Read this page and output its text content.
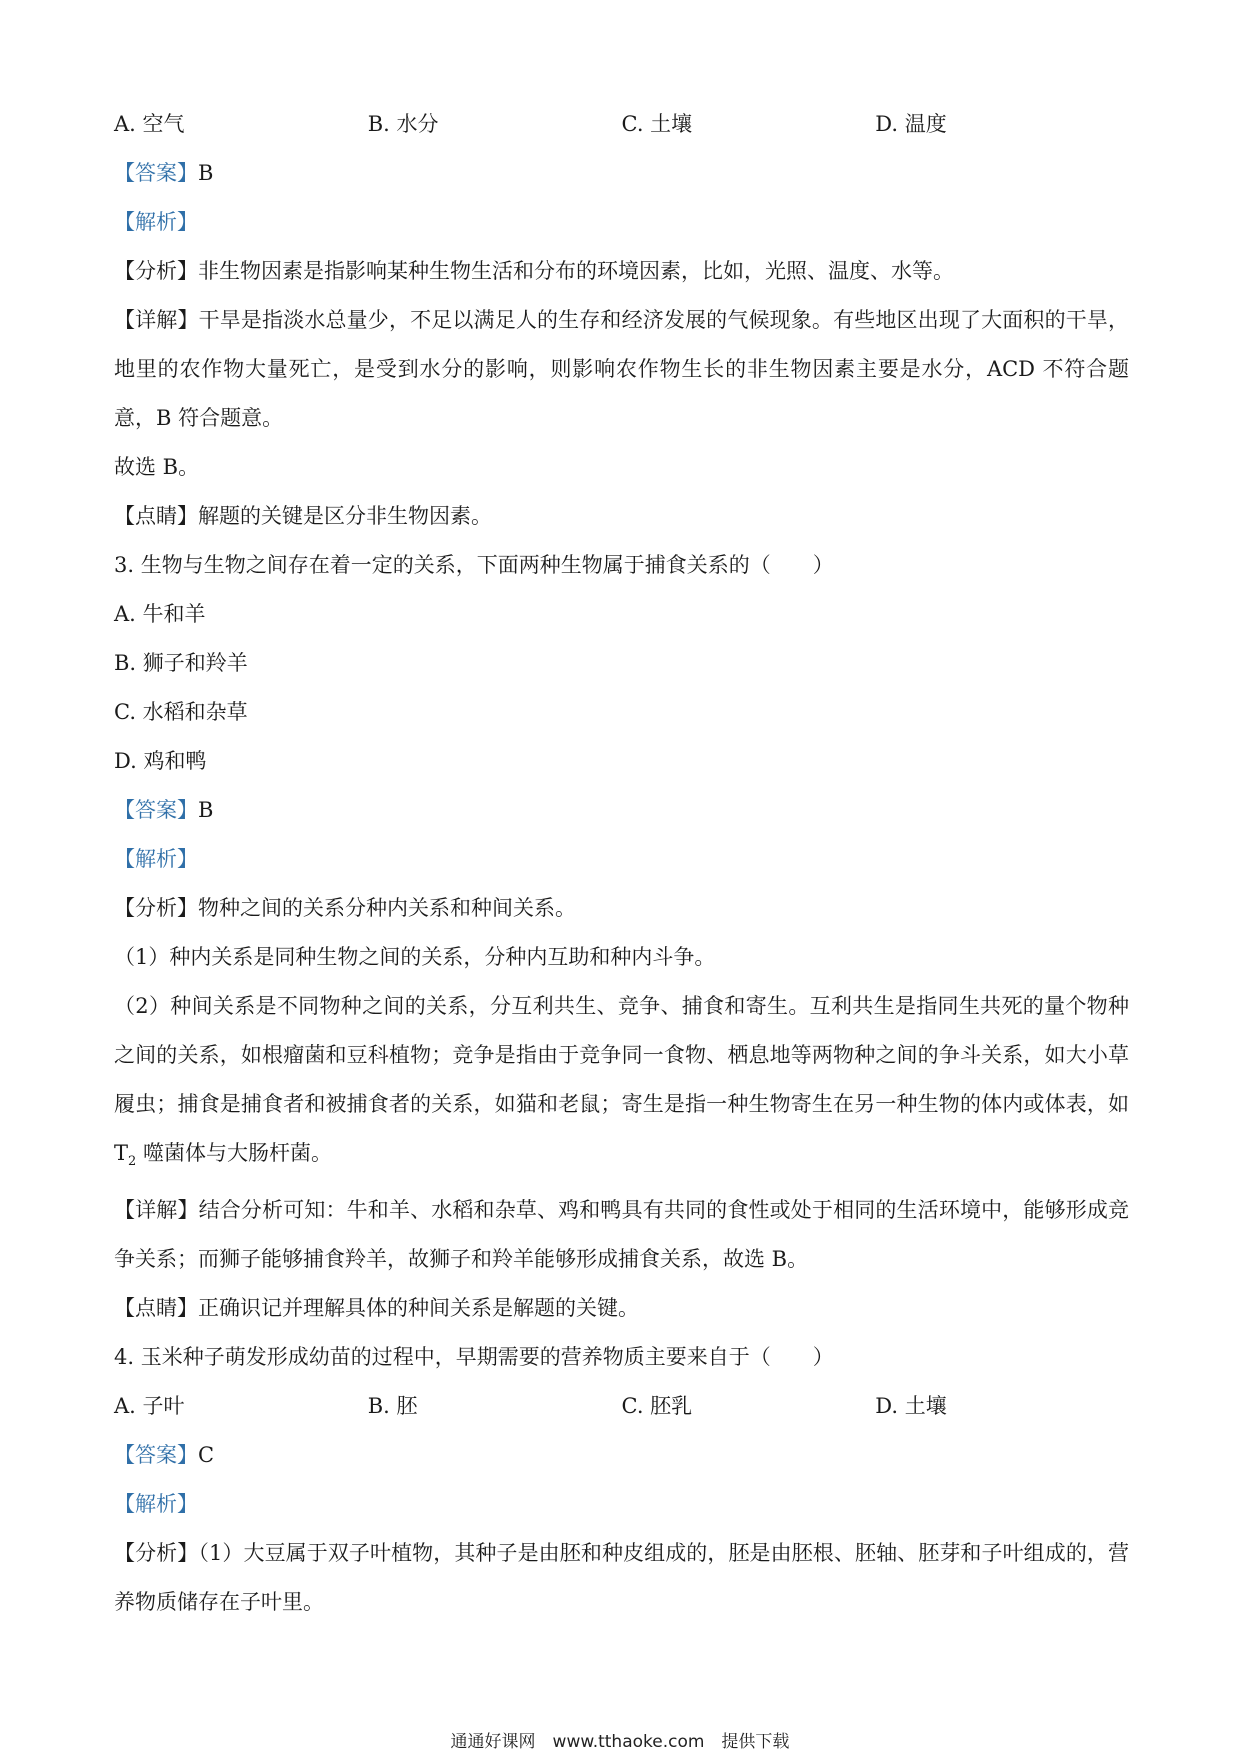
A. 空气	B. 水分	C. 土壤	D. 温度
【答案】B
【解析】
【分析】非生物因素是指影响某种生物生活和分布的环境因素，比如，光照、温度、水等。
【详解】干旱是指淡水总量少，不足以满足人的生存和经济发展的气候现象。有些地区出现了大面积的干旱，地里的农作物大量死亡，是受到水分的影响，则影响农作物生长的非生物因素主要是水分，ACD 不符合题意，B 符合题意。
故选 B。
【点睛】解题的关键是区分非生物因素。
3. 生物与生物之间存在着一定的关系，下面两种生物属于捕食关系的（　　）
A. 牛和羊
B. 狮子和羚羊
C. 水稻和杂草
D. 鸡和鸭
【答案】B
【解析】
【分析】物种之间的关系分种内关系和种间关系。
（1）种内关系是同种生物之间的关系，分种内互助和种内斗争。
（2）种间关系是不同物种之间的关系，分互利共生、竞争、捕食和寄生。互利共生是指同生共死的量个物种之间的关系，如根瘤菌和豆科植物；竞争是指由于竞争同一食物、栖息地等两物种之间的争斗关系，如大小草履虫；捕食是捕食者和被捕食者的关系，如猫和老鼠；寄生是指一种生物寄生在另一种生物的体内或体表，如 $T_2$ 噬菌体与大肠杆菌。
【详解】结合分析可知：牛和羊、水稻和杂草、鸡和鸭具有共同的食性或处于相同的生活环境中，能够形成竞争关系；而狮子能够捕食羚羊，故狮子和羚羊能够形成捕食关系，故选 B。
【点睛】正确识记并理解具体的种间关系是解题的关键。
4. 玉米种子萌发形成幼苗的过程中，早期需要的营养物质主要来自于（　　）
A. 子叶	B. 胚	C. 胚乳	D. 土壤
【答案】C
【解析】
【分析】（1）大豆属于双子叶植物，其种子是由胚和种皮组成的，胚是由胚根、胚轴、胚芽和子叶组成的，营养物质储存在子叶里。
通通好课网　www.tthaoke.com　提供下载
